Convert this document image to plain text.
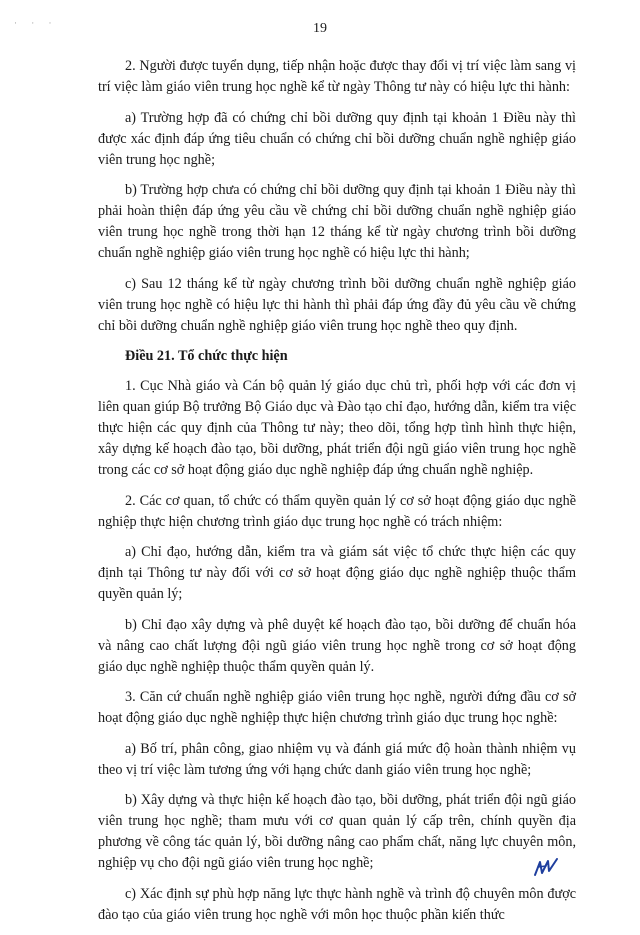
· · ·	19

2. Người được tuyển dụng, tiếp nhận hoặc được thay đổi vị trí việc làm sang vị trí việc làm giáo viên trung học nghề kể từ ngày Thông tư này có hiệu lực thi hành:

a) Trường hợp đã có chứng chỉ bồi dưỡng quy định tại khoản 1 Điều này thì được xác định đáp ứng tiêu chuẩn có chứng chỉ bồi dưỡng chuẩn nghề nghiệp giáo viên trung học nghề;

b) Trường hợp chưa có chứng chỉ bồi dưỡng quy định tại khoản 1 Điều này thì phải hoàn thiện đáp ứng yêu cầu về chứng chỉ bồi dưỡng chuẩn nghề nghiệp giáo viên trung học nghề trong thời hạn 12 tháng kể từ ngày chương trình bồi dưỡng chuẩn nghề nghiệp giáo viên trung học nghề có hiệu lực thi hành;

c) Sau 12 tháng kể từ ngày chương trình bồi dưỡng chuẩn nghề nghiệp giáo viên trung học nghề có hiệu lực thi hành thì phải đáp ứng đầy đủ yêu cầu về chứng chỉ bồi dưỡng chuẩn nghề nghiệp giáo viên trung học nghề theo quy định.

Điều 21. Tổ chức thực hiện

1. Cục Nhà giáo và Cán bộ quản lý giáo dục chủ trì, phối hợp với các đơn vị liên quan giúp Bộ trưởng Bộ Giáo dục và Đào tạo chỉ đạo, hướng dẫn, kiểm tra việc thực hiện các quy định của Thông tư này; theo dõi, tổng hợp tình hình thực hiện, xây dựng kế hoạch đào tạo, bồi dưỡng, phát triển đội ngũ giáo viên trung học nghề trong các cơ sở hoạt động giáo dục nghề nghiệp đáp ứng chuẩn nghề nghiệp.

2. Các cơ quan, tổ chức có thẩm quyền quản lý cơ sở hoạt động giáo dục nghề nghiệp thực hiện chương trình giáo dục trung học nghề có trách nhiệm:

a) Chỉ đạo, hướng dẫn, kiểm tra và giám sát việc tổ chức thực hiện các quy định tại Thông tư này đối với cơ sở hoạt động giáo dục nghề nghiệp thuộc thẩm quyền quản lý;

b) Chỉ đạo xây dựng và phê duyệt kế hoạch đào tạo, bồi dưỡng để chuẩn hóa và nâng cao chất lượng đội ngũ giáo viên trung học nghề trong cơ sở hoạt động giáo dục nghề nghiệp thuộc thẩm quyền quản lý.

3. Căn cứ chuẩn nghề nghiệp giáo viên trung học nghề, người đứng đầu cơ sở hoạt động giáo dục nghề nghiệp thực hiện chương trình giáo dục trung học nghề:

a) Bố trí, phân công, giao nhiệm vụ và đánh giá mức độ hoàn thành nhiệm vụ theo vị trí việc làm tương ứng với hạng chức danh giáo viên trung học nghề;

b) Xây dựng và thực hiện kế hoạch đào tạo, bồi dưỡng, phát triển đội ngũ giáo viên trung học nghề; tham mưu với cơ quan quản lý cấp trên, chính quyền địa phương về công tác quản lý, bồi dưỡng nâng cao phẩm chất, năng lực chuyên môn, nghiệp vụ cho đội ngũ giáo viên trung học nghề;

c) Xác định sự phù hợp năng lực thực hành nghề và trình độ chuyên môn được đào tạo của giáo viên trung học nghề với môn học thuộc phần kiến thức
